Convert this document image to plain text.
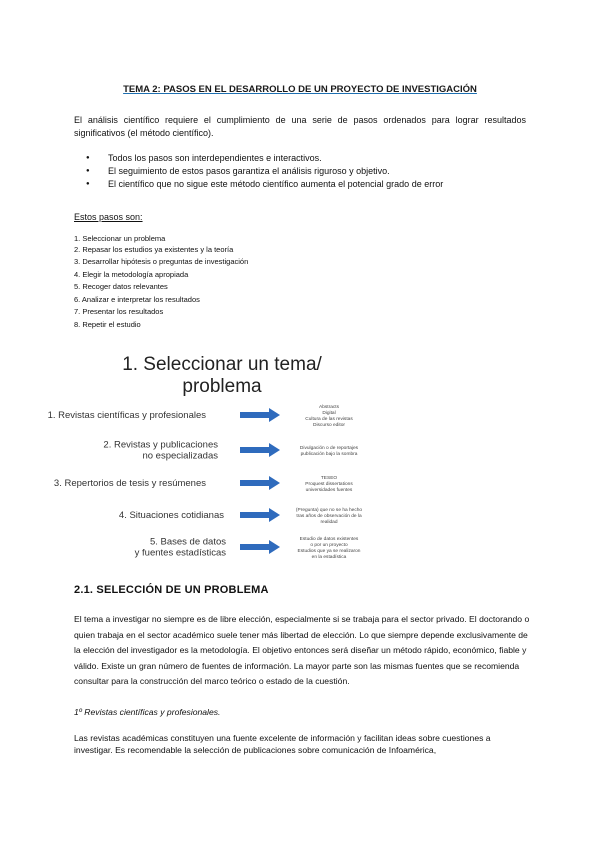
TEMA 2: PASOS EN EL DESARROLLO DE UN PROYECTO DE INVESTIGACIÓN
El análisis científico requiere el cumplimiento de una serie de pasos ordenados para lograr resultados significativos (el método científico).
● Todos los pasos son interdependientes e interactivos.
● El seguimiento de estos pasos garantiza el análisis riguroso y objetivo.
● El científico que no sigue este método científico aumenta el potencial grado de error
Estos pasos son:
1. Seleccionar un problema
2. Repasar los estudios ya existentes y la teoría
3. Desarrollar hipótesis o preguntas de investigación
4. Elegir la metodología apropiada
5. Recoger datos relevantes
6. Analizar e interpretar los resultados
7. Presentar los resultados
8. Repetir el estudio
1. Seleccionar un tema/
problema
1. Revistas científicas y profesionales
Abstracts
Digital
Cultura de las revistas
Discurso editor
2. Revistas y publicaciones
no especializadas
Divulgación o de reportajes
publicación bajo la sombra
3. Repertorios de tesis y resúmenes	TESEO
Proquest dissertations
universidades fuentes
4. Situaciones cotidianas	(Pregunta) que no se ha hecho
tras años de observación de la
realidad
5. Bases de datos
y fuentes estadísticas
Estudio de datos existentes
o por un proyecto
Estudios que ya se realizaron
en la estadística
2.1. SELECCIÓN DE UN PROBLEMA
El tema a investigar no siempre es de libre elección, especialmente si se trabaja para el sector privado. El doctorando o quien trabaja en el sector académico suele tener más libertad de elección. Lo que siempre depende exclusivamente de la elección del investigador es la metodología. El objetivo entonces será diseñar un método rápido, económico, fiable y válido. Existe un gran número de fuentes de información. La mayor parte son las mismas fuentes que se recomienda consultar para la construcción del marco teórico o estado de la cuestión.
1º Revistas científicas y profesionales.
Las revistas académicas constituyen una fuente excelente de información y facilitan ideas sobre cuestiones a investigar. Es recomendable la selección de publicaciones sobre comunicación de Infoamérica,
